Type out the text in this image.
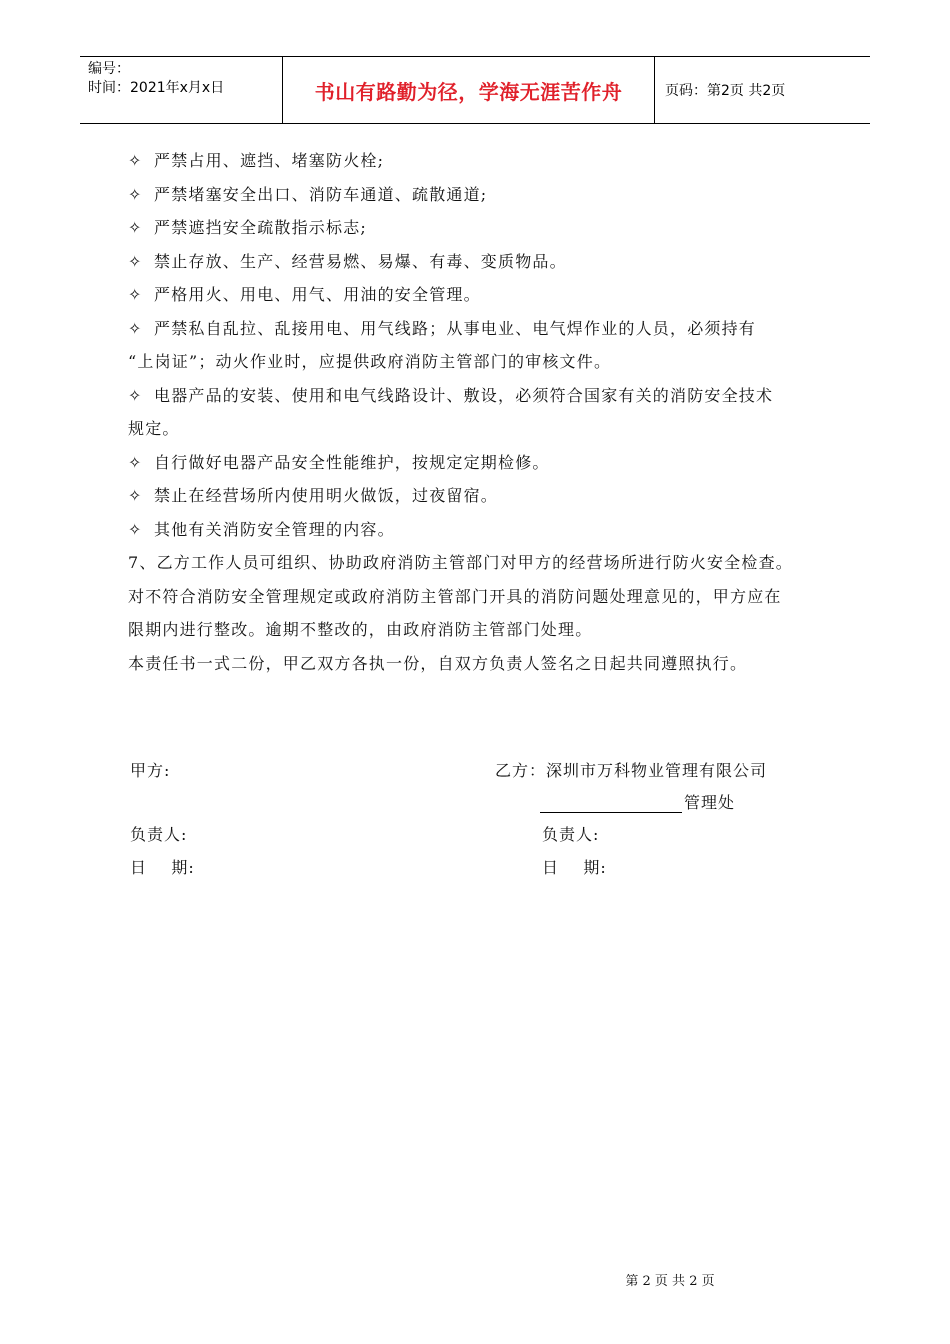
编号：
时间：2021年x月x日	书山有路勤为径，学海无涯苦作舟	页码：第2页 共2页
✧ 严禁占用、遮挡、堵塞防火栓;
✧ 严禁堵塞安全出口、消防车通道、疏散通道;
✧ 严禁遮挡安全疏散指示标志;
✧ 禁止存放、生产、经营易燃、易爆、有毒、变质物品。
✧ 严格用火、用电、用气、用油的安全管理。
✧ 严禁私自乱拉、乱接用电、用气线路；从事电业、电气焊作业的人员，必须持有
“上岗证”；动火作业时，应提供政府消防主管部门的审核文件。
✧ 电器产品的安装、使用和电气线路设计、敷设，必须符合国家有关的消防安全技术
规定。
✧ 自行做好电器产品安全性能维护，按规定定期检修。
✧ 禁止在经营场所内使用明火做饭，过夜留宿。
✧ 其他有关消防安全管理的内容。
7、乙方工作人员可组织、协助政府消防主管部门对甲方的经营场所进行防火安全检查。
对不符合消防安全管理规定或政府消防主管部门开具的消防问题处理意见的，甲方应在
限期内进行整改。逾期不整改的，由政府消防主管部门处理。
本责任书一式二份，甲乙双方各执一份，自双方负责人签名之日起共同遵照执行。
甲方:	乙方：深圳市万科物业管理有限公司
管理处
负责人:	负责人:
日    期:	日    期:
第 2 页 共 2 页
